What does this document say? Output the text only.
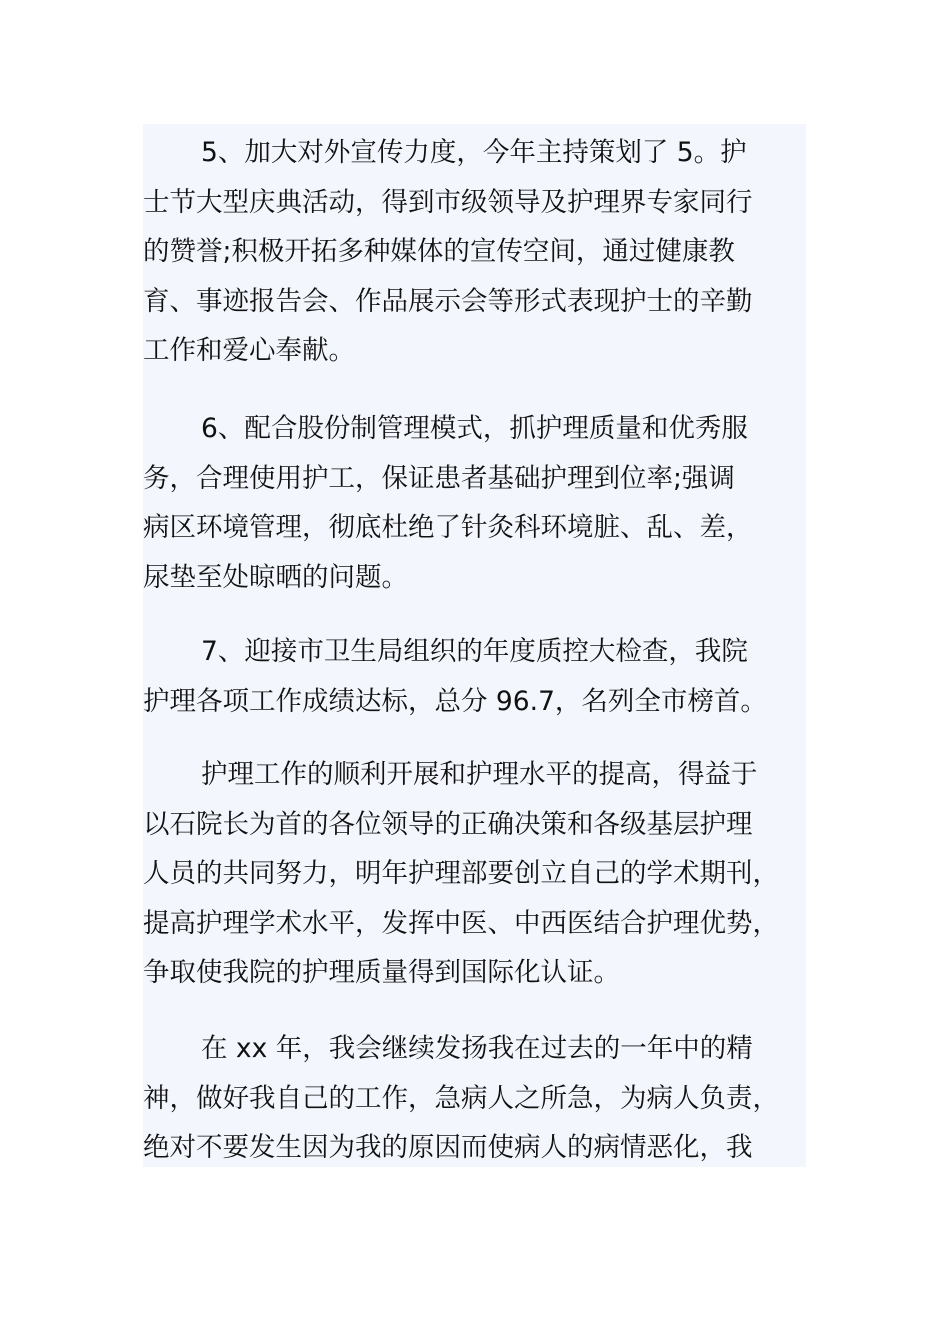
5、加大对外宣传力度，今年主持策划了 5。护
士节大型庆典活动，得到市级领导及护理界专家同行
的赞誉;积极开拓多种媒体的宣传空间，通过健康教
育、事迹报告会、作品展示会等形式表现护士的辛勤
工作和爱心奉献。
6、配合股份制管理模式，抓护理质量和优秀服
务，合理使用护工，保证患者基础护理到位率;强调
病区环境管理，彻底杜绝了针灸科环境脏、乱、差，
尿垫至处晾晒的问题。
7、迎接市卫生局组织的年度质控大检查，我院
护理各项工作成绩达标，总分 96.7，名列全市榜首。
护理工作的顺利开展和护理水平的提高，得益于
以石院长为首的各位领导的正确决策和各级基层护理
人员的共同努力，明年护理部要创立自己的学术期刊，
提高护理学术水平，发挥中医、中西医结合护理优势，
争取使我院的护理质量得到国际化认证。
在 xx 年，我会继续发扬我在过去的一年中的精
神，做好我自己的工作，急病人之所急，为病人负责，
绝对不要发生因为我的原因而使病人的病情恶化，我
